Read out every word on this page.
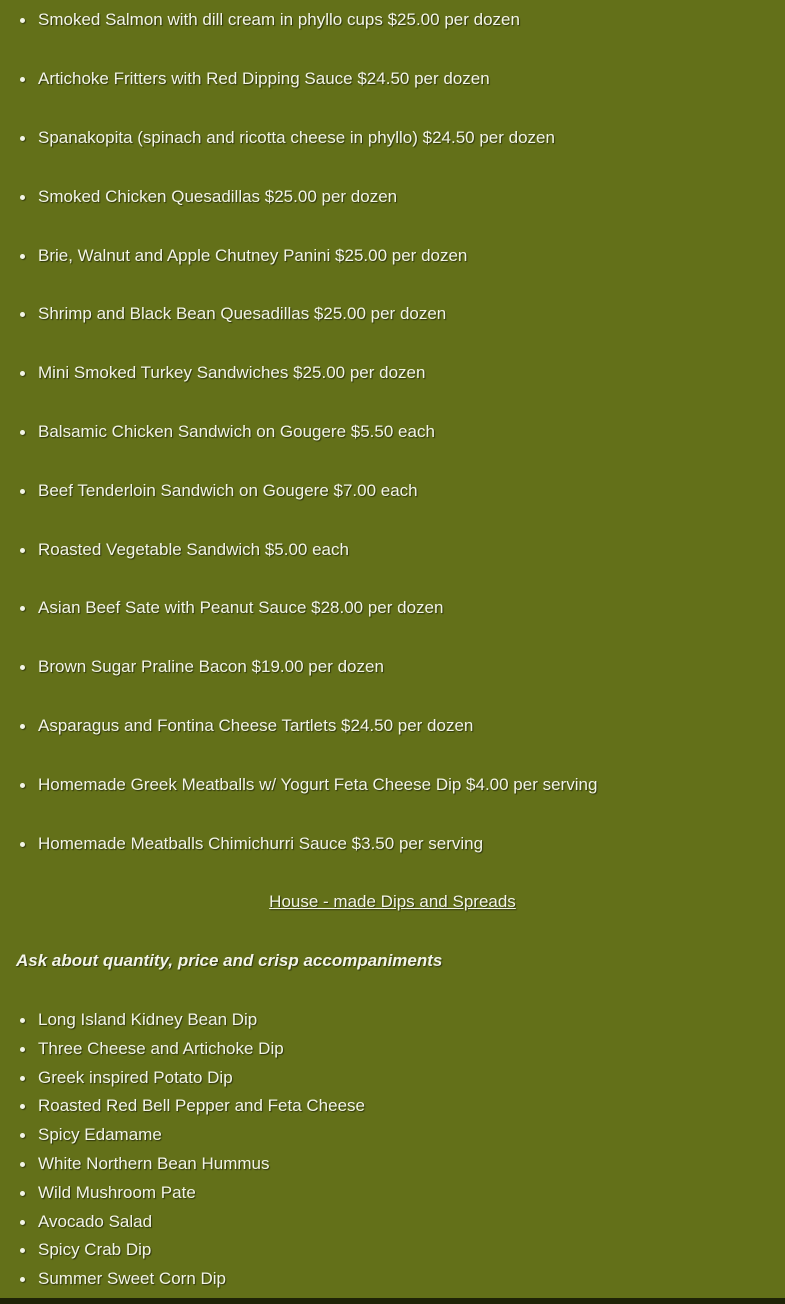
Smoked Salmon with dill cream in phyllo cups $25.00 per dozen
Artichoke Fritters with Red Dipping Sauce $24.50 per dozen
Spanakopita (spinach and ricotta cheese in phyllo) $24.50 per dozen
Smoked Chicken Quesadillas $25.00 per dozen
Brie, Walnut and Apple Chutney Panini $25.00 per dozen
Shrimp and Black Bean Quesadillas $25.00 per dozen
Mini Smoked Turkey Sandwiches $25.00 per dozen
Balsamic Chicken Sandwich on Gougere $5.50 each
Beef Tenderloin Sandwich on Gougere $7.00 each
Roasted Vegetable Sandwich $5.00 each
Asian Beef Sate with Peanut Sauce $28.00 per dozen
Brown Sugar Praline Bacon $19.00 per dozen
Asparagus and Fontina Cheese Tartlets $24.50 per dozen
Homemade Greek Meatballs w/ Yogurt Feta Cheese Dip $4.00 per serving
Homemade Meatballs Chimichurri Sauce $3.50 per serving
House - made Dips and Spreads
Ask about quantity, price and crisp accompaniments
Long Island Kidney Bean Dip
Three Cheese and Artichoke Dip
Greek inspired Potato Dip
Roasted Red Bell Pepper and Feta Cheese
Spicy Edamame
White Northern Bean Hummus
Wild Mushroom Pate
Avocado Salad
Spicy Crab Dip
Summer Sweet Corn Dip
